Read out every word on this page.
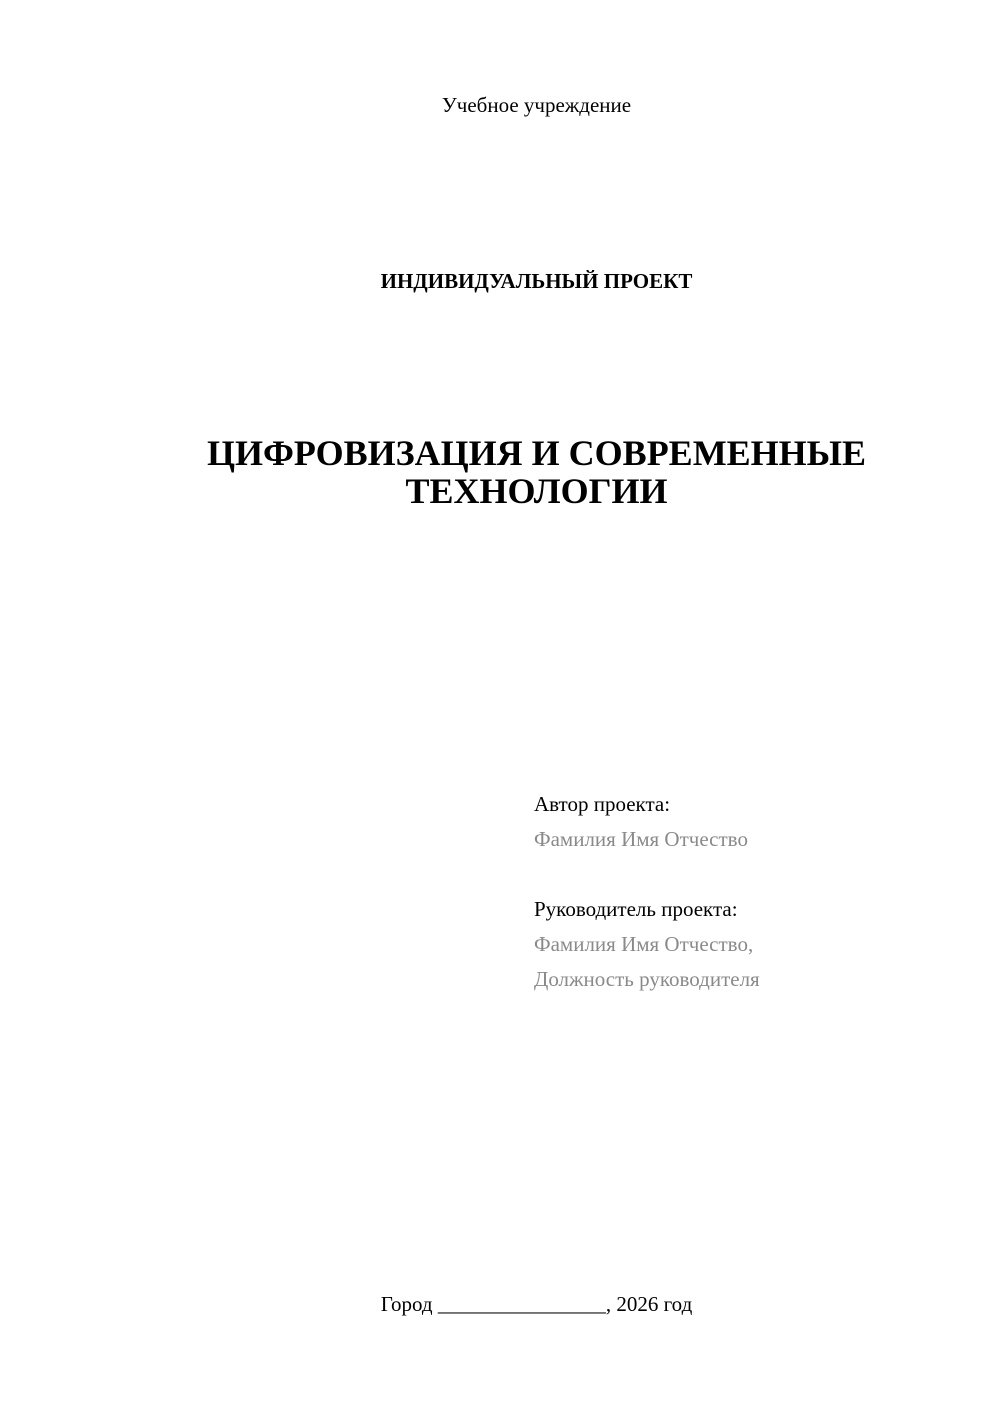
Учебное учреждение
ИНДИВИДУАЛЬНЫЙ ПРОЕКТ
ЦИФРОВИЗАЦИЯ И СОВРЕМЕННЫЕ
ТЕХНОЛОГИИ
Автор проекта:
Фамилия Имя Отчество
Руководитель проекта:
Фамилия Имя Отчество,
Должность руководителя
Город ________________, 2026 год
